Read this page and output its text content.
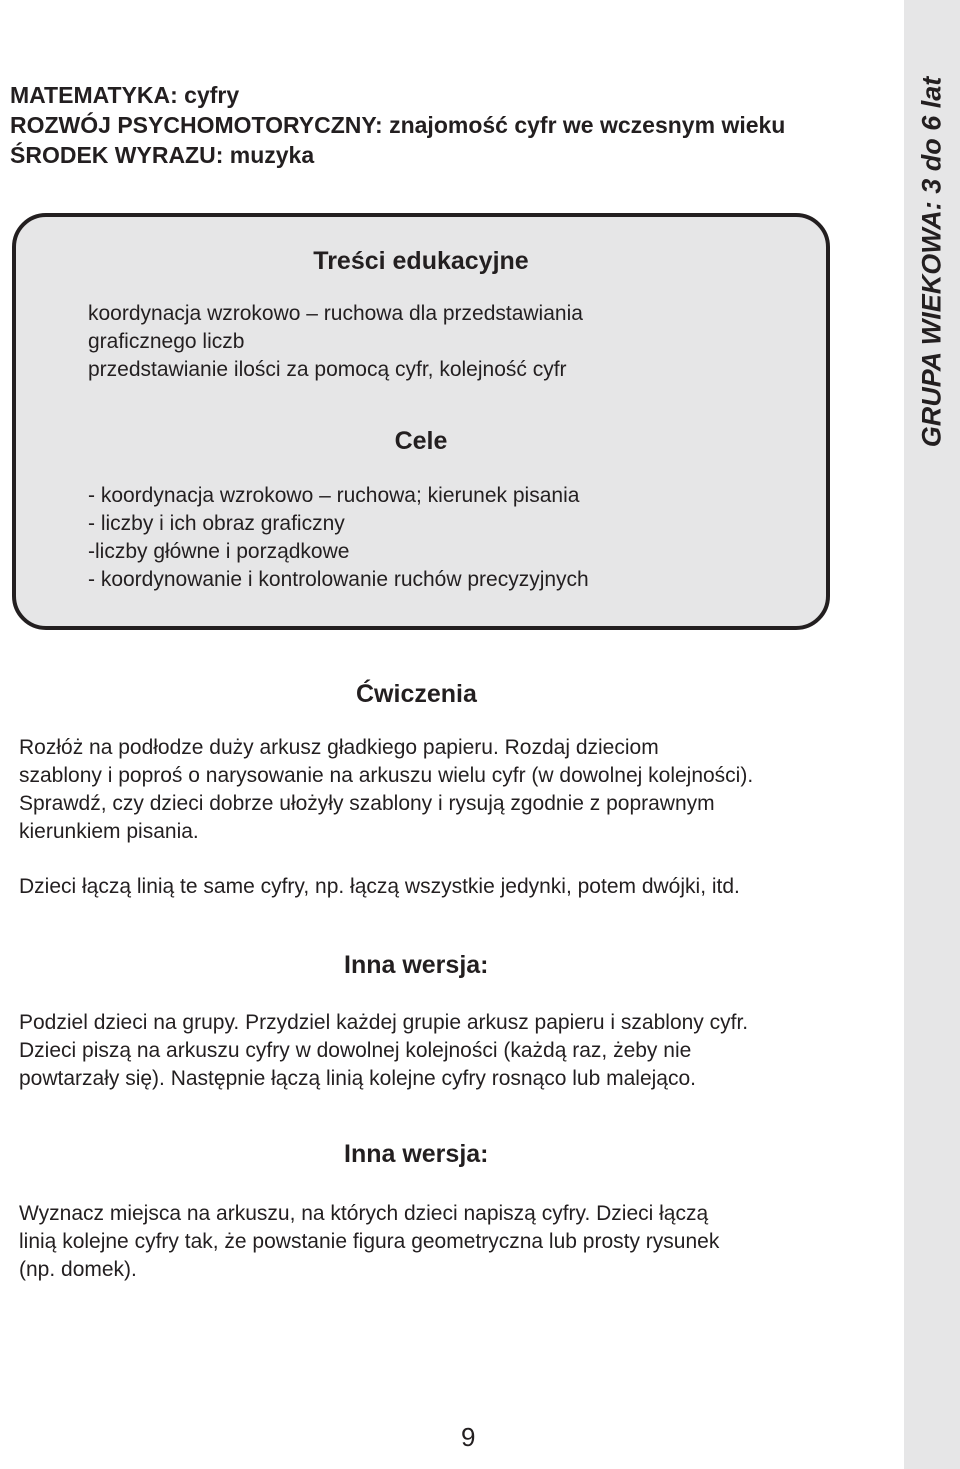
GRUPA WIEKOWA: 3 do 6 lat
MATEMATYKA: cyfry
ROZWÓJ PSYCHOMOTORYCZNY: znajomość cyfr we wczesnym wieku
ŚRODEK WYRAZU: muzyka
Treści edukacyjne
koordynacja wzrokowo – ruchowa dla przedstawiania
graficznego liczb
przedstawianie ilości za pomocą cyfr, kolejność cyfr
Cele
- koordynacja wzrokowo – ruchowa; kierunek pisania
- liczby i ich obraz graficzny
-liczby główne i porządkowe
- koordynowanie i kontrolowanie ruchów precyzyjnych
Ćwiczenia
Rozłóż na podłodze duży arkusz gładkiego papieru. Rozdaj dzieciom
szablony i poproś o narysowanie na arkuszu wielu cyfr (w dowolnej kolejności).
Sprawdź, czy dzieci dobrze ułożyły szablony i rysują zgodnie z poprawnym
kierunkiem pisania.
Dzieci łączą linią te same cyfry, np. łączą wszystkie jedynki, potem dwójki, itd.
Inna wersja:
Podziel dzieci na grupy. Przydziel każdej grupie arkusz papieru i szablony cyfr.
Dzieci piszą na arkuszu cyfry w dowolnej kolejności (każdą raz, żeby nie
powtarzały się). Następnie łączą linią kolejne cyfry rosnąco lub malejąco.
Inna wersja:
Wyznacz miejsca na arkuszu, na których dzieci napiszą cyfry. Dzieci łączą
linią kolejne cyfry tak, że powstanie figura geometryczna lub prosty rysunek
(np. domek).
9
